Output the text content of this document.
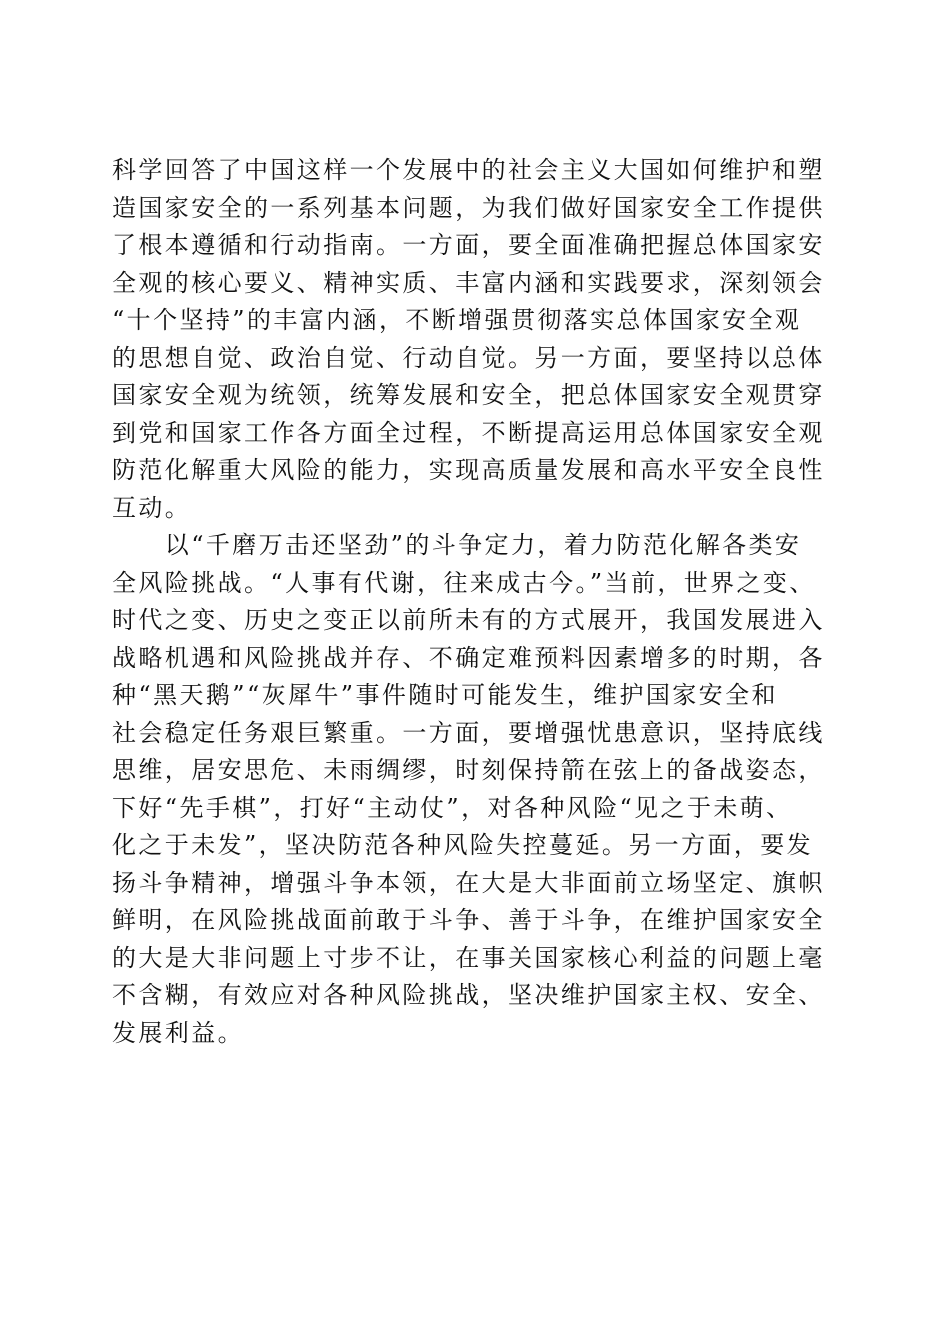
科学回答了中国这样一个发展中的社会主义大国如何维护和塑
造国家安全的一系列基本问题，为我们做好国家安全工作提供
了根本遵循和行动指南。一方面，要全面准确把握总体国家安
全观的核心要义、精神实质、丰富内涵和实践要求，深刻领会
“十个坚持”的丰富内涵，不断增强贯彻落实总体国家安全观
的思想自觉、政治自觉、行动自觉。另一方面，要坚持以总体
国家安全观为统领，统筹发展和安全，把总体国家安全观贯穿
到党和国家工作各方面全过程，不断提高运用总体国家安全观
防范化解重大风险的能力，实现高质量发展和高水平安全良性
互动。
　　以“千磨万击还坚劲”的斗争定力，着力防范化解各类安
全风险挑战。“人事有代谢，往来成古今。”当前，世界之变、
时代之变、历史之变正以前所未有的方式展开，我国发展进入
战略机遇和风险挑战并存、不确定难预料因素增多的时期，各
种“黑天鹅”“灰犀牛”事件随时可能发生，维护国家安全和
社会稳定任务艰巨繁重。一方面，要增强忧患意识，坚持底线
思维，居安思危、未雨绸缪，时刻保持箭在弦上的备战姿态，
下好“先手棋”，打好“主动仗”，对各种风险“见之于未萌、
化之于未发”，坚决防范各种风险失控蔓延。另一方面，要发
扬斗争精神，增强斗争本领，在大是大非面前立场坚定、旗帜
鲜明，在风险挑战面前敢于斗争、善于斗争，在维护国家安全
的大是大非问题上寸步不让，在事关国家核心利益的问题上毫
不含糊，有效应对各种风险挑战，坚决维护国家主权、安全、
发展利益。
